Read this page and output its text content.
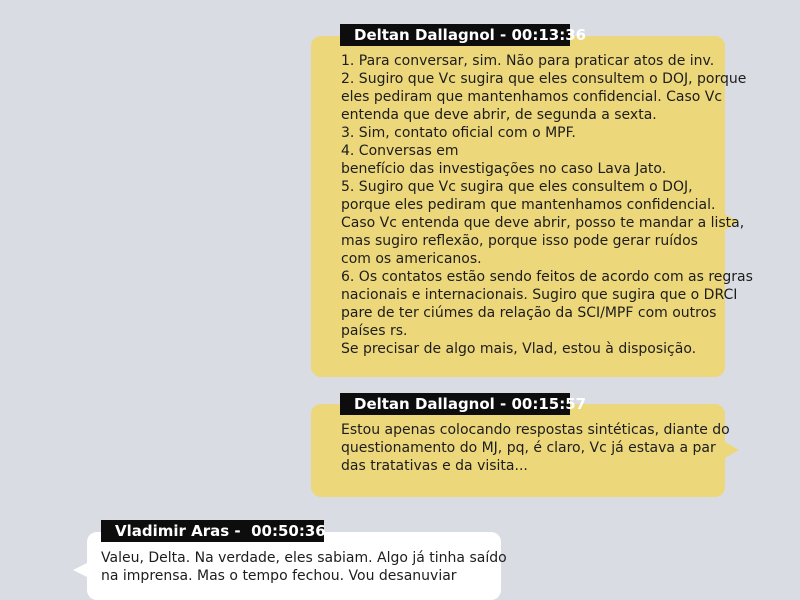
1. Para conversar, sim. Não para praticar atos de inv.
2. Sugiro que Vc sugira que eles consultem o DOJ, porque
eles pediram que mantenhamos confidencial. Caso Vc
entenda que deve abrir, de segunda a sexta.
3. Sim, contato oficial com o MPF.
4. Conversas em
benefício das investigações no caso Lava Jato.
5. Sugiro que Vc sugira que eles consultem o DOJ,
porque eles pediram que mantenhamos confidencial.
Caso Vc entenda que deve abrir, posso te mandar a lista,
mas sugiro reflexão, porque isso pode gerar ruídos
com os americanos.
6. Os contatos estão sendo feitos de acordo com as regras
nacionais e internacionais. Sugiro que sugira que o DRCI
pare de ter ciúmes da relação da SCI/MPF com outros
países rs.
Se precisar de algo mais, Vlad, estou à disposição.
Deltan Dallagnol - 00:13:36
Estou apenas colocando respostas sintéticas, diante do
questionamento do MJ, pq, é claro, Vc já estava a par
das tratativas e da visita...
Deltan Dallagnol - 00:15:57
Valeu, Delta. Na verdade, eles sabiam. Algo já tinha saído
na imprensa. Mas o tempo fechou. Vou desanuviar
Vladimir Aras -  00:50:36
